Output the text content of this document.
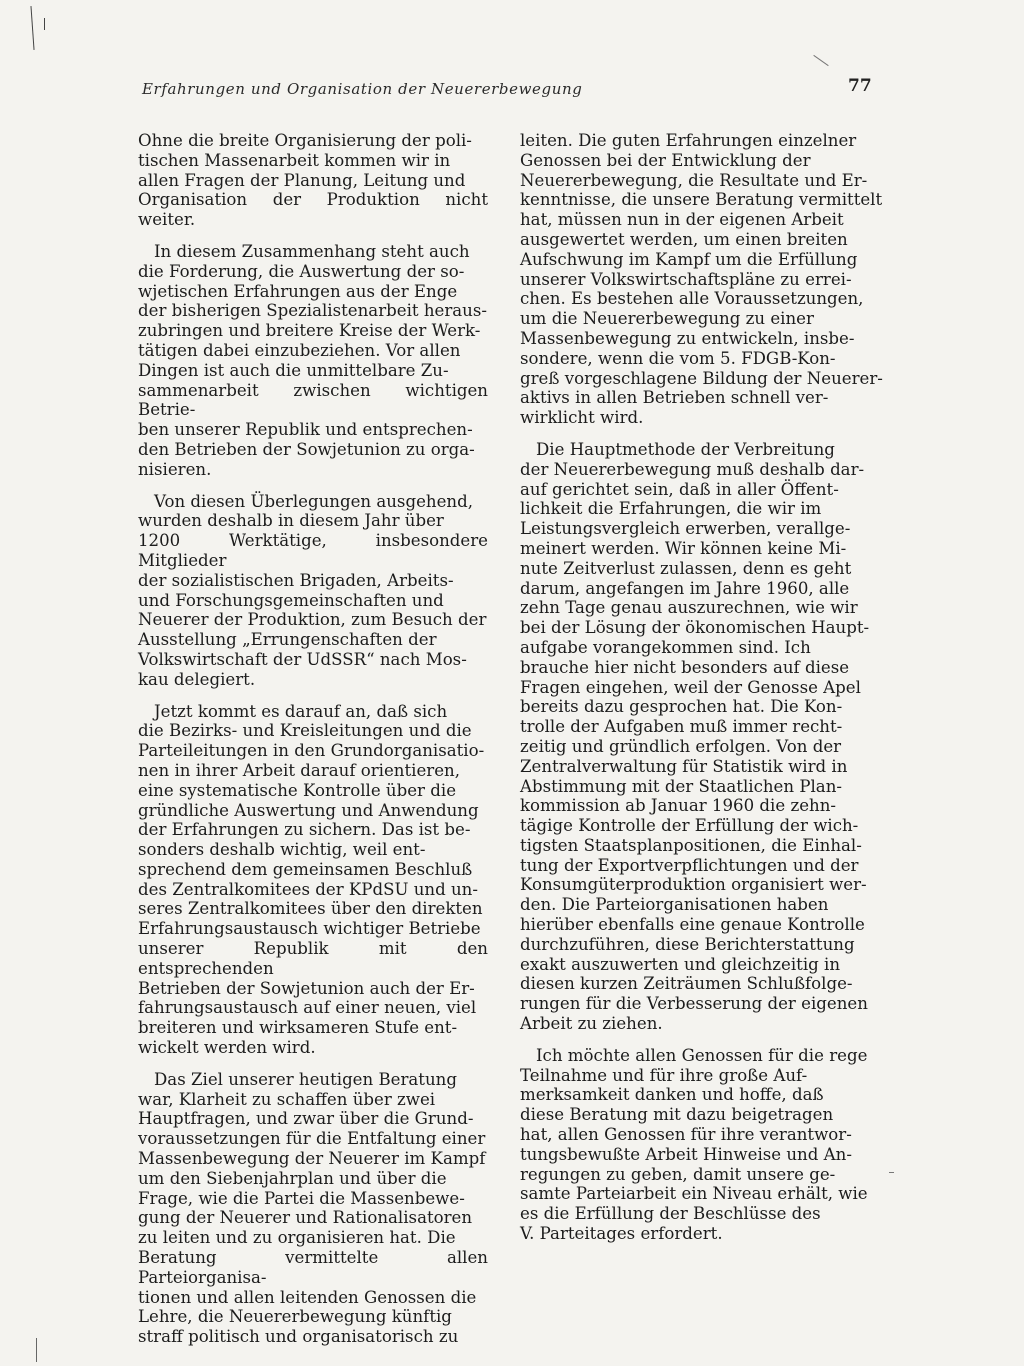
Erfahrungen und Organisation der Neuererbewegung	77

Ohne die breite Organisierung der poli-
tischen Massenarbeit kommen wir in
allen Fragen der Planung, Leitung und
Organisation der Produktion nicht weiter.

In diesem Zusammenhang steht auch
die Forderung, die Auswertung der so-
wjetischen Erfahrungen aus der Enge
der bisherigen Spezialistenarbeit heraus-
zubringen und breitere Kreise der Werk-
tätigen dabei einzubeziehen. Vor allen
Dingen ist auch die unmittelbare Zu-
sammenarbeit zwischen wichtigen Betrie-
ben unserer Republik und entsprechen-
den Betrieben der Sowjetunion zu orga-
nisieren.

Von diesen Überlegungen ausgehend,
wurden deshalb in diesem Jahr über
1200 Werktätige, insbesondere Mitglieder
der sozialistischen Brigaden, Arbeits-
und Forschungsgemeinschaften und
Neuerer der Produktion, zum Besuch der
Ausstellung „Errungenschaften der
Volkswirtschaft der UdSSR“ nach Mos-
kau delegiert.

Jetzt kommt es darauf an, daß sich
die Bezirks- und Kreisleitungen und die
Parteileitungen in den Grundorganisatio-
nen in ihrer Arbeit darauf orientieren,
eine systematische Kontrolle über die
gründliche Auswertung und Anwendung
der Erfahrungen zu sichern. Das ist be-
sonders deshalb wichtig, weil ent-
sprechend dem gemeinsamen Beschluß
des Zentralkomitees der KPdSU und un-
seres Zentralkomitees über den direkten
Erfahrungsaustausch wichtiger Betriebe
unserer Republik mit den entsprechenden
Betrieben der Sowjetunion auch der Er-
fahrungsaustausch auf einer neuen, viel
breiteren und wirksameren Stufe ent-
wickelt werden wird.

Das Ziel unserer heutigen Beratung
war, Klarheit zu schaffen über zwei
Hauptfragen, und zwar über die Grund-
voraussetzungen für die Entfaltung einer
Massenbewegung der Neuerer im Kampf
um den Siebenjahrplan und über die
Frage, wie die Partei die Massenbewe-
gung der Neuerer und Rationalisatoren
zu leiten und zu organisieren hat. Die
Beratung vermittelte allen Parteiorganisa-
tionen und allen leitenden Genossen die
Lehre, die Neuererbewegung künftig
straff politisch und organisatorisch zu

leiten. Die guten Erfahrungen einzelner
Genossen bei der Entwicklung der
Neuererbewegung, die Resultate und Er-
kenntnisse, die unsere Beratung vermittelt
hat, müssen nun in der eigenen Arbeit
ausgewertet werden, um einen breiten
Aufschwung im Kampf um die Erfüllung
unserer Volkswirtschaftspläne zu errei-
chen. Es bestehen alle Voraussetzungen,
um die Neuererbewegung zu einer
Massenbewegung zu entwickeln, insbe-
sondere, wenn die vom 5. FDGB-Kon-
greß vorgeschlagene Bildung der Neuerer-
aktivs in allen Betrieben schnell ver-
wirklicht wird.

Die Hauptmethode der Verbreitung
der Neuererbewegung muß deshalb dar-
auf gerichtet sein, daß in aller Öffent-
lichkeit die Erfahrungen, die wir im
Leistungsvergleich erwerben, verallge-
meinert werden. Wir können keine Mi-
nute Zeitverlust zulassen, denn es geht
darum, angefangen im Jahre 1960, alle
zehn Tage genau auszurechnen, wie wir
bei der Lösung der ökonomischen Haupt-
aufgabe vorangekommen sind. Ich
brauche hier nicht besonders auf diese
Fragen eingehen, weil der Genosse Apel
bereits dazu gesprochen hat. Die Kon-
trolle der Aufgaben muß immer recht-
zeitig und gründlich erfolgen. Von der
Zentralverwaltung für Statistik wird in
Abstimmung mit der Staatlichen Plan-
kommission ab Januar 1960 die zehn-
tägige Kontrolle der Erfüllung der wich-
tigsten Staatsplanpositionen, die Einhal-
tung der Exportverpflichtungen und der
Konsumgüterproduktion organisiert wer-
den. Die Parteiorganisationen haben
hierüber ebenfalls eine genaue Kontrolle
durchzuführen, diese Berichterstattung
exakt auszuwerten und gleichzeitig in
diesen kurzen Zeiträumen Schlußfolge-
rungen für die Verbesserung der eigenen
Arbeit zu ziehen.

Ich möchte allen Genossen für die rege
Teilnahme und für ihre große Auf-
merksamkeit danken und hoffe, daß
diese Beratung mit dazu beigetragen
hat, allen Genossen für ihre verantwor-
tungsbewußte Arbeit Hinweise und An-
regungen zu geben, damit unsere ge-
samte Parteiarbeit ein Niveau erhält, wie
es die Erfüllung der Beschlüsse des
V. Parteitages erfordert.
